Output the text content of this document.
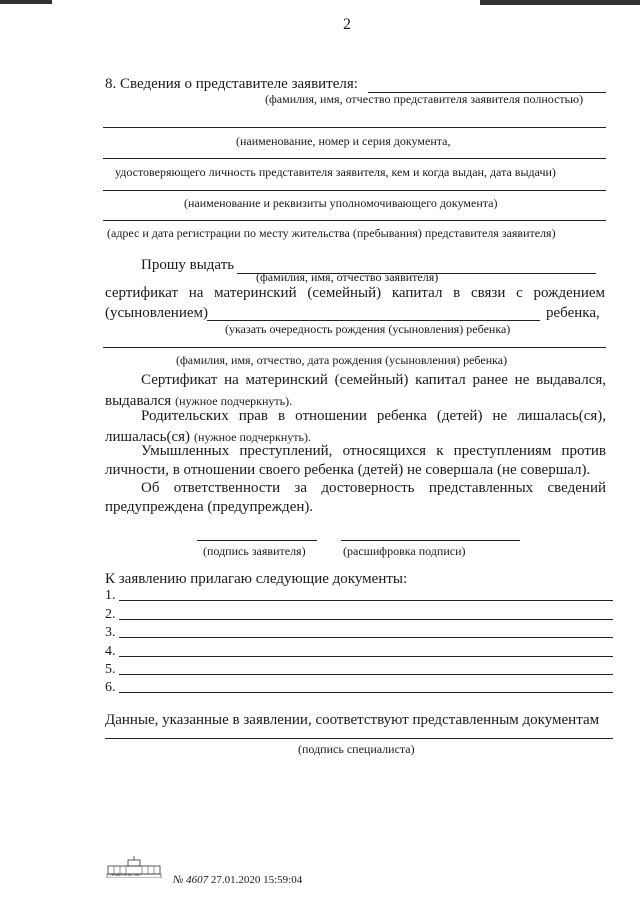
2
8. Сведения о представителе заявителя:
(фамилия, имя, отчество представителя заявителя полностью)
(наименование, номер и серия документа,
удостоверяющего личность представителя заявителя, кем и когда выдан, дата выдачи)
(наименование и реквизиты уполномочивающего документа)
(адрес и дата регистрации по месту жительства (пребывания) представителя заявителя)
Прошу выдать
(фамилия, имя, отчество заявителя)
сертификат на материнский (семейный) капитал в связи с рождением
(усыновлением)	ребенка,
(указать очередность рождения (усыновления) ребенка)
(фамилия, имя, отчество, дата рождения (усыновления) ребенка)
Сертификат на материнский (семейный) капитал ранее не выдавался,
выдавался (нужное подчеркнуть).
Родительских прав в отношении ребенка (детей) не лишалась(ся),
лишалась(ся) (нужное подчеркнуть).
Умышленных преступлений, относящихся к преступлениям против
личности, в отношении своего ребенка (детей) не совершала (не совершал).
Об ответственности за достоверность представленных сведений
предупреждена (предупрежден).
(подпись заявителя)	(расшифровка подписи)
К заявлению прилагаю следующие документы:
1.
2.
3.
4.
5.
6.
Данные, указанные в заявлении, соответствуют представленным документам
(подпись специалиста)
ПРАВИТЕЛЬСТВО	№ 4607 27.01.2020 15:59:04
